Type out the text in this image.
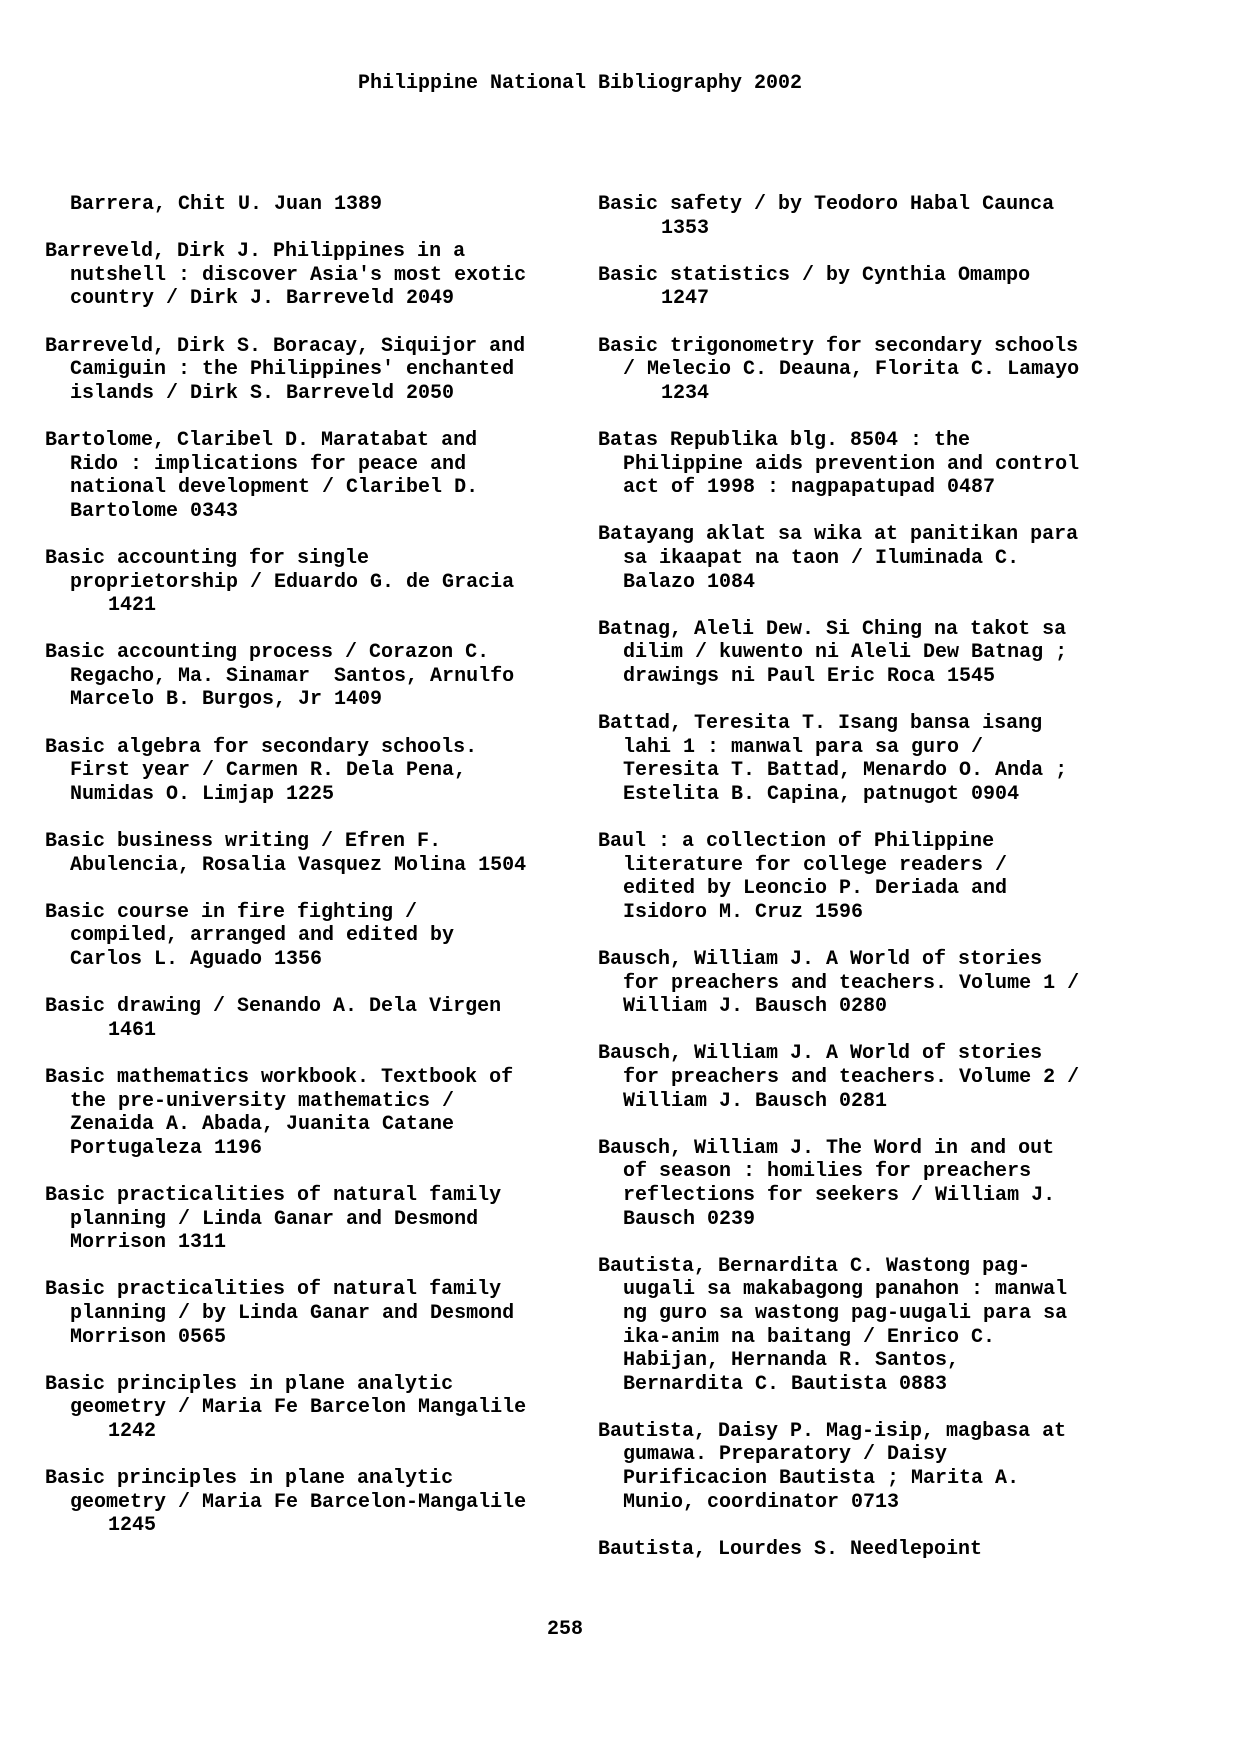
Philippine National Bibliography 2002
Barrera, Chit U. Juan 1389
Barreveld, Dirk J. Philippines in a
nutshell : discover Asia's most exotic
country / Dirk J. Barreveld 2049
Barreveld, Dirk S. Boracay, Siquijor and
Camiguin : the Philippines' enchanted
islands / Dirk S. Barreveld 2050
Bartolome, Claribel D. Maratabat and
Rido : implications for peace and
national development / Claribel D.
Bartolome 0343
Basic accounting for single
proprietorship / Eduardo G. de Gracia
1421
Basic accounting process / Corazon C.
Regacho, Ma. Sinamar  Santos, Arnulfo
Marcelo B. Burgos, Jr 1409
Basic algebra for secondary schools.
First year / Carmen R. Dela Pena,
Numidas O. Limjap 1225
Basic business writing / Efren F.
Abulencia, Rosalia Vasquez Molina 1504
Basic course in fire fighting /
compiled, arranged and edited by
Carlos L. Aguado 1356
Basic drawing / Senando A. Dela Virgen
1461
Basic mathematics workbook. Textbook of
the pre-university mathematics /
Zenaida A. Abada, Juanita Catane
Portugaleza 1196
Basic practicalities of natural family
planning / Linda Ganar and Desmond
Morrison 1311
Basic practicalities of natural family
planning / by Linda Ganar and Desmond
Morrison 0565
Basic principles in plane analytic
geometry / Maria Fe Barcelon Mangalile
1242
Basic principles in plane analytic
geometry / Maria Fe Barcelon-Mangalile
1245
Basic safety / by Teodoro Habal Caunca
1353
Basic statistics / by Cynthia Omampo
1247
Basic trigonometry for secondary schools
/ Melecio C. Deauna, Florita C. Lamayo
1234
Batas Republika blg. 8504 : the
Philippine aids prevention and control
act of 1998 : nagpapatupad 0487
Batayang aklat sa wika at panitikan para
sa ikaapat na taon / Iluminada C.
Balazo 1084
Batnag, Aleli Dew. Si Ching na takot sa
dilim / kuwento ni Aleli Dew Batnag ;
drawings ni Paul Eric Roca 1545
Battad, Teresita T. Isang bansa isang
lahi 1 : manwal para sa guro /
Teresita T. Battad, Menardo O. Anda ;
Estelita B. Capina, patnugot 0904
Baul : a collection of Philippine
literature for college readers /
edited by Leoncio P. Deriada and
Isidoro M. Cruz 1596
Bausch, William J. A World of stories
for preachers and teachers. Volume 1 /
William J. Bausch 0280
Bausch, William J. A World of stories
for preachers and teachers. Volume 2 /
William J. Bausch 0281
Bausch, William J. The Word in and out
of season : homilies for preachers
reflections for seekers / William J.
Bausch 0239
Bautista, Bernardita C. Wastong pag-
uugali sa makabagong panahon : manwal
ng guro sa wastong pag-uugali para sa
ika-anim na baitang / Enrico C.
Habijan, Hernanda R. Santos,
Bernardita C. Bautista 0883
Bautista, Daisy P. Mag-isip, magbasa at
gumawa. Preparatory / Daisy
Purificacion Bautista ; Marita A.
Munio, coordinator 0713
Bautista, Lourdes S. Needlepoint
258
